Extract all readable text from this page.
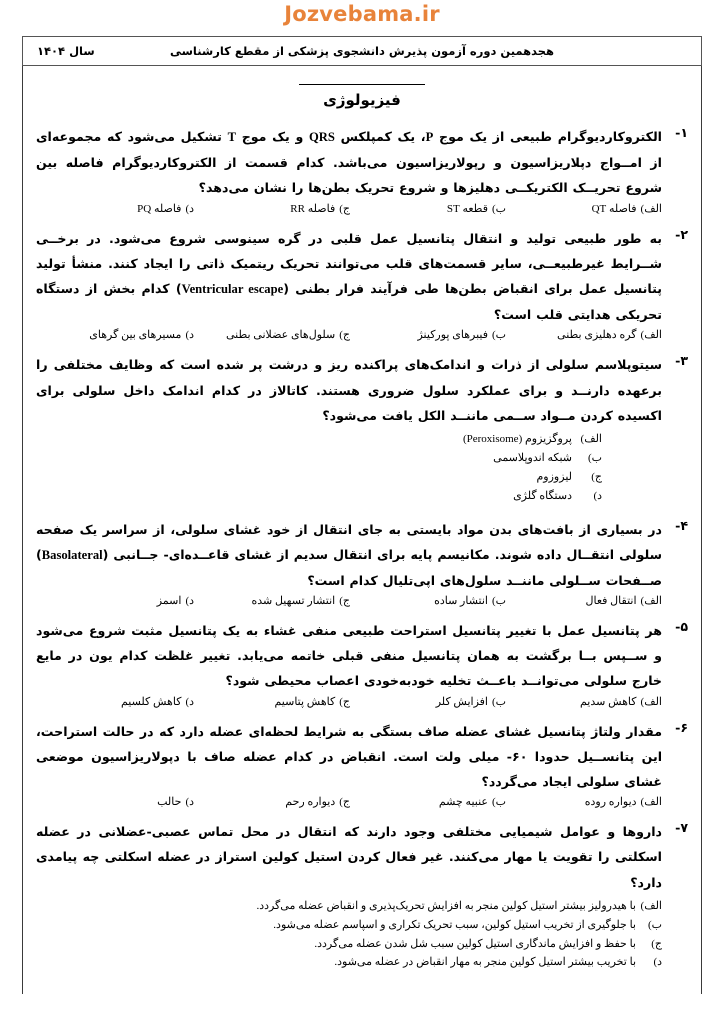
Jozvebama.ir
هجدهمین دوره آزمون پذیرش دانشجوی پزشکی از مقطع کارشناسی
سال ۱۴۰۴
فیزیولوژی
۱-
الکتروکاردیوگرام طبیعی از یک موج P، یک کمپلکس QRS و یک موج T تشکیل می‌شود که مجموعه‌ای از امــواج دپلاریزاسیون و رپولاریزاسیون می‌باشد. کدام قسمت از الکتروکاردیوگرام فاصله بین شروع تحریــک الکتریکــی دهلیزها و شروع تحریک بطن‌ها را نشان می‌دهد؟
الف)فاصله QT
ب)قطعه ST
ج)فاصله RR
د)فاصله PQ
۲-
به طور طبیعی تولید و انتقال پتانسیل عمل قلبی در گره سینوسی شروع می‌شود. در برخــی شــرایط غیرطبیعــی، سایر قسمت‌های قلب می‌توانند تحریک ریتمیک ذاتی را ایجاد کنند. منشأ تولید پتانسیل عمل برای انقباض بطن‌ها طی فرآیند فرار بطنی (Ventricular escape) کدام بخش از دستگاه تحریکی هدایتی قلب است؟
الف)گره دهلیزی بطنی
ب)فیبرهای پورکینژ
ج)سلول‌های عضلانی بطنی
د)مسیرهای بین گرهای
۳-
سیتوپلاسم سلولی از ذرات و اندامک‌های پراکنده ریز و درشت پر شده است که وظایف مختلفی را برعهده دارنــد و برای عملکرد سلول ضروری هستند. کاتالاز در کدام اندامک داخل سلولی برای اکسیده کردن مــواد ســمی ماننــد الکل یافت می‌شود؟
الف)
پروگزیزوم (Peroxisome)
ب)
شبکه اندوپلاسمی
ج)
لیزوزوم
د)
دستگاه گلژی
۴-
در بسیاری از بافت‌های بدن مواد بایستی به جای انتقال از خود غشای سلولی، از سراسر یک صفحه سلولی انتقــال داده شوند. مکانیسم پایه برای انتقال سدیم از غشای قاعــده‌ای- جــانبی (Basolateral) صــفحات ســلولی ماننــد سلول‌های اپی‌تلیال کدام است؟
الف)انتقال فعال
ب)انتشار ساده
ج)انتشار تسهیل شده
د)اسمز
۵-
هر پتانسیل عمل با تغییر پتانسیل استراحت طبیعی منفی غشاء به یک پتانسیل مثبت شروع می‌شود و ســپس بــا برگشت به همان پتانسیل منفی قبلی خاتمه می‌یابد. تغییر غلظت کدام یون در مایع خارج سلولی می‌توانــد باعــث تخلیه خودبه‌خودی اعصاب محیطی شود؟
الف)کاهش سدیم
ب)افزایش کلر
ج)کاهش پتاسیم
د)کاهش کلسیم
۶-
مقدار ولتاژ پتانسیل غشای عضله صاف بستگی به شرایط لحظه‌ای عضله دارد که در حالت استراحت، این پتانســیل حدودا ۶۰- میلی ولت است. انقباض در کدام عضله صاف با دپولاریزاسیون موضعی غشای سلولی ایجاد می‌گردد؟
الف)دیواره روده
ب)عنبیه چشم
ج)دیواره رحم
د)حالب
۷-
داروها و عوامل شیمیایی مختلفی وجود دارند که انتقال در محل تماس عصبی-عضلانی در عضله اسکلتی را تقویت یا مهار می‌کنند. غیر فعال کردن استیل کولین استراز در عضله اسکلتی چه پیامدی دارد؟
الف)
با هیدرولیز بیشتر استیل کولین منجر به افزایش تحریک‌پذیری و انقباض عضله می‌گردد.
ب)
با جلوگیری از تخریب استیل کولین، سبب تحریک تکراری و اسپاسم عضله می‌شود.
ج)
با حفظ و افزایش ماندگاری استیل کولین سبب شل شدن عضله می‌گردد.
د)
با تخریب بیشتر استیل کولین منجر به مهار انقباض در عضله می‌شود.
